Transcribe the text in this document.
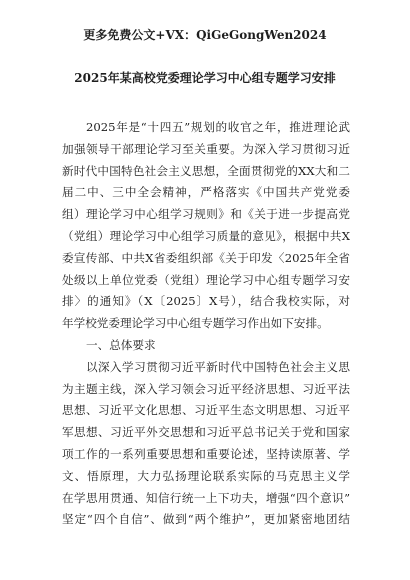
更多免费公文+VX：QiGeGongWen2024
2025年某高校党委理论学习中心组专题学习安排
2025年是“十四五”规划的收官之年，推进理论武
加强领导干部理论学习至关重要。为深入学习贯彻习近
新时代中国特色社会主义思想，全面贯彻党的XX大和二
届二中、三中全会精神，严格落实《中国共产党党委
组）理论学习中心组学习规则》和《关于进一步提高党
（党组）理论学习中心组学习质量的意见》，根据中共X
委宣传部、中共X省委组织部《关于印发〈2025年全省
处级以上单位党委（党组）理论学习中心组专题学习安
排〉的通知》（X〔2025〕X号），结合我校实际，对
年学校党委理论学习中心组专题学习作出如下安排。
一、总体要求
以深入学习贯彻习近平新时代中国特色社会主义思
为主题主线，深入学习领会习近平经济思想、习近平法
思想、习近平文化思想、习近平生态文明思想、习近平
军思想、习近平外交思想和习近平总书记关于党和国家
项工作的一系列重要思想和重要论述，坚持读原著、学
文、悟原理，大力弘扬理论联系实际的马克思主义学
在学思用贯通、知信行统一上下功夫，增强“四个意识”
坚定“四个自信”、做到“两个维护”，更加紧密地团结
